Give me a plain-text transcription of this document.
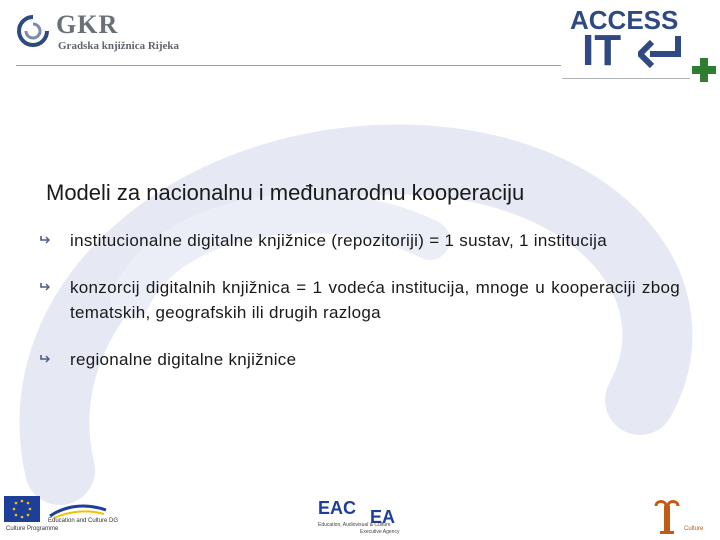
GKR
Gradska knjižnica Rijeka
ACCESS
IT
Modeli za nacionalnu i međunarodnu kooperaciju
institucionalne digitalne knjižnice (repozitoriji) = 1 sustav, 1 institucija
konzorcij digitalnih knjižnica = 1 vodeća institucija, mnoge u kooperaciji zbog tematskih, geografskih ili drugih razloga
regionalne digitalne knjižnice
Education and Culture DG
Culture Programme
EAC EA
Education, Audiovisual & Culture
Executive Agency	Culture
